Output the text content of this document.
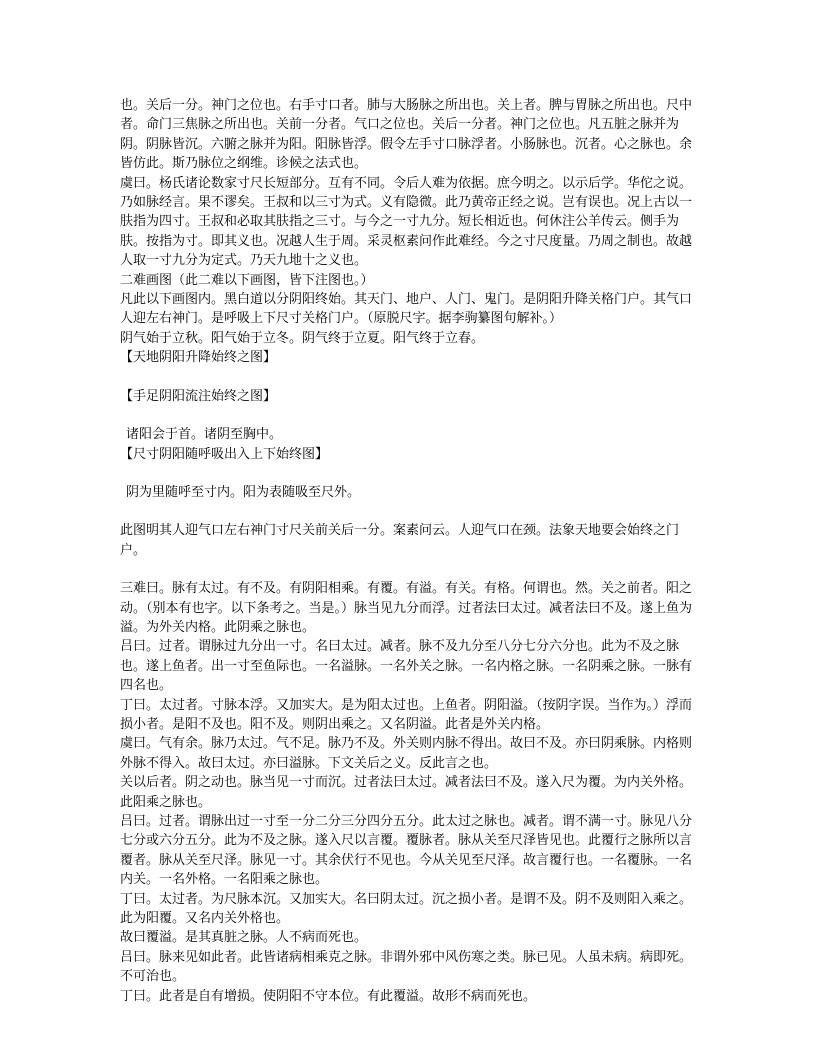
也。关后一分。神门之位也。右手寸口者。肺与大肠脉之所出也。关上者。脾与胃脉之所出也。尺中者。命门三焦脉之所出也。关前一分者。气口之位也。关后一分者。神门之位也。凡五脏之脉并为阴。阴脉皆沉。六腑之脉并为阳。阳脉皆浮。假令左手寸口脉浮者。小肠脉也。沉者。心之脉也。余皆仿此。斯乃脉位之纲维。诊候之法式也。

虞曰。杨氏诸论数家寸尺长短部分。互有不同。令后人难为依据。庶今明之。以示后学。华佗之说。乃如脉经言。果不谬矣。王叔和以三寸为式。义有隐微。此乃黄帝正经之说。岂有误也。况上古以一肤指为四寸。王叔和必取其肤指之三寸。与今之一寸九分。短长相近也。何休注公羊传云。侧手为肤。按指为寸。即其义也。况越人生于周。采灵枢素问作此难经。今之寸尺度量。乃周之制也。故越人取一寸九分为定式。乃天九地十之义也。

二难画图（此二难以下画图，皆下注图也。）

凡此以下画图内。黑白道以分阴阳终始。其天门、地户、人门、鬼门。是阴阳升降关格门户。其气口人迎左右神门。是呼吸上下尺寸关格门户。（原脱尺字。据李驹纂图句解补。）

阴气始于立秋。阳气始于立冬。阴气终于立夏。阳气终于立春。

【天地阴阳升降始终之图】

【手足阴阳流注始终之图】

诸阳会于首。诸阴至胸中。

【尺寸阴阳随呼吸出入上下始终图】

阴为里随呼至寸内。阳为表随吸至尺外。

此图明其人迎气口左右神门寸尺关前关后一分。案素问云。人迎气口在颈。法象天地要会始终之门户。

三难曰。脉有太过。有不及。有阴阳相乘。有覆。有溢。有关。有格。何谓也。然。关之前者。阳之动。（别本有也字。以下条考之。当是。）脉当见九分而浮。过者法曰太过。减者法曰不及。遂上鱼为溢。为外关内格。此阴乘之脉也。

吕曰。过者。谓脉过九分出一寸。名曰太过。减者。脉不及九分至八分七分六分也。此为不及之脉也。遂上鱼者。出一寸至鱼际也。一名溢脉。一名外关之脉。一名内格之脉。一名阴乘之脉。一脉有四名也。

丁曰。太过者。寸脉本浮。又加实大。是为阳太过也。上鱼者。阴阳溢。（按阴字误。当作为。）浮而损小者。是阳不及也。阳不及。则阴出乘之。又名阴溢。此者是外关内格。

虞曰。气有余。脉乃太过。气不足。脉乃不及。外关则内脉不得出。故曰不及。亦曰阴乘脉。内格则外脉不得入。故曰太过。亦曰溢脉。下文关后之义。反此言之也。

关以后者。阴之动也。脉当见一寸而沉。过者法曰太过。减者法曰不及。遂入尺为覆。为内关外格。此阳乘之脉也。

吕曰。过者。谓脉出过一寸至一分二分三分四分五分。此太过之脉也。减者。谓不满一寸。脉见八分七分或六分五分。此为不及之脉。遂入尺以言覆。覆脉者。脉从关至尺泽皆见也。此覆行之脉所以言覆者。脉从关至尺泽。脉见一寸。其余伏行不见也。今从关见至尺泽。故言覆行也。一名覆脉。一名内关。一名外格。一名阳乘之脉也。

丁曰。太过者。为尺脉本沉。又加实大。名曰阴太过。沉之损小者。是谓不及。阴不及则阳入乘之。此为阳覆。又名内关外格也。

故曰覆溢。是其真脏之脉。人不病而死也。

吕曰。脉来见如此者。此皆诸病相乘克之脉。非谓外邪中风伤寒之类。脉已见。人虽未病。病即死。不可治也。

丁曰。此者是自有增损。使阴阳不守本位。有此覆溢。故形不病而死也。
